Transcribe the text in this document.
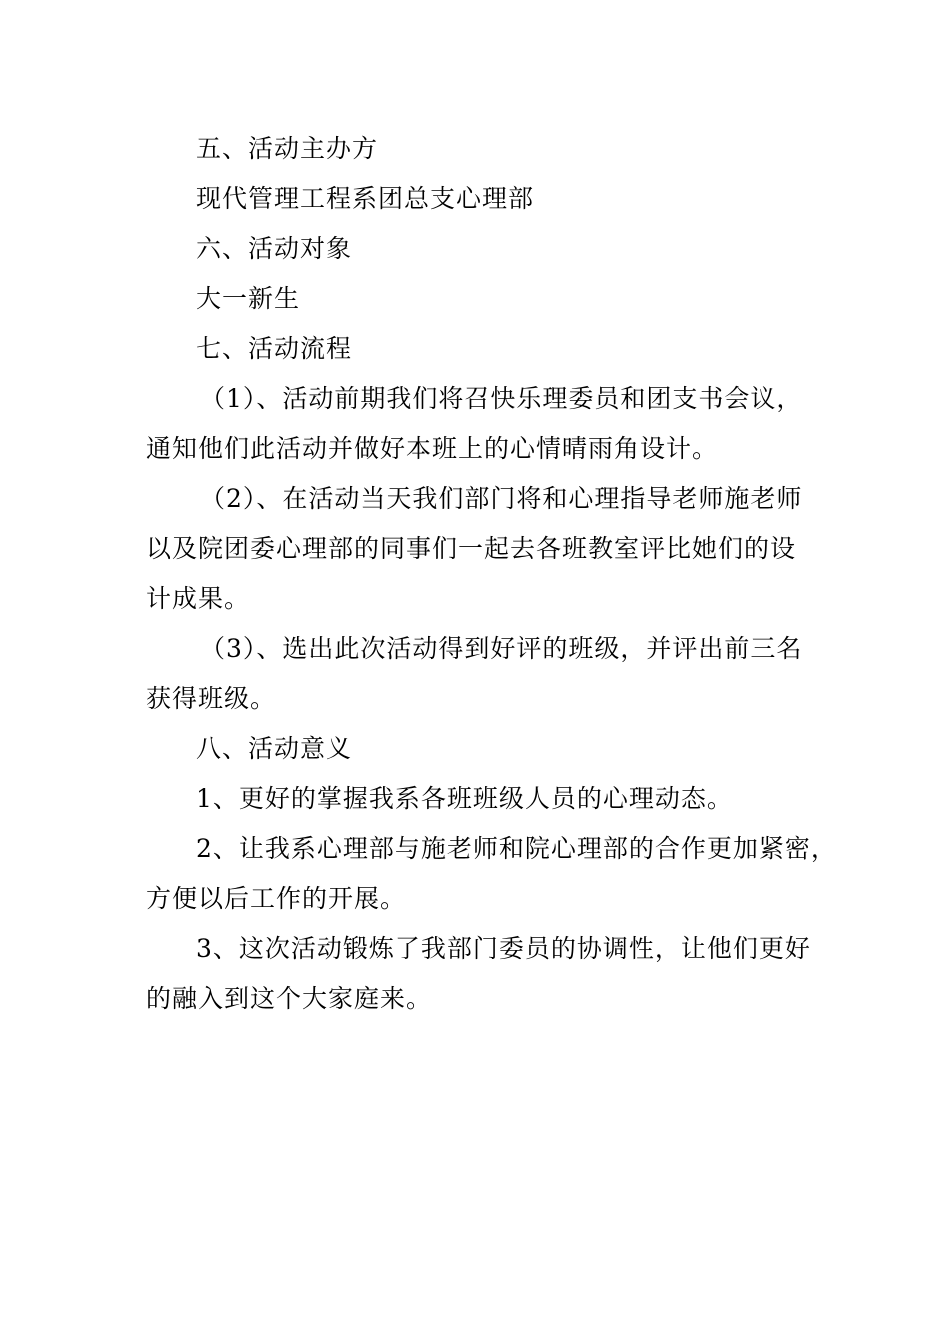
五、活动主办方
现代管理工程系团总支心理部
六、活动对象
大一新生
七、活动流程
（1）、活动前期我们将召快乐理委员和团支书会议，
通知他们此活动并做好本班上的心情晴雨角设计。
（2）、在活动当天我们部门将和心理指导老师施老师
以及院团委心理部的同事们一起去各班教室评比她们的设
计成果。
（3）、选出此次活动得到好评的班级，并评出前三名
获得班级。
八、活动意义
1、更好的掌握我系各班班级人员的心理动态。
2、让我系心理部与施老师和院心理部的合作更加紧密，
方便以后工作的开展。
3、这次活动锻炼了我部门委员的协调性，让他们更好
的融入到这个大家庭来。
